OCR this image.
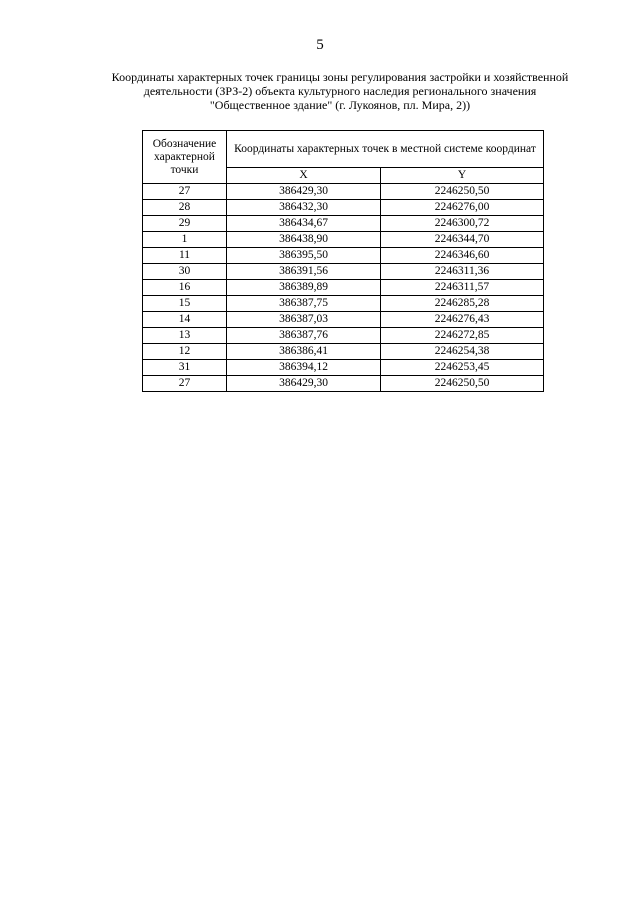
5
Координаты характерных точек границы зоны регулирования застройки и хозяйственной
деятельности (ЗРЗ-2) объекта культурного наследия регионального значения
"Общественное здание" (г. Лукоянов, пл. Мира, 2))
Обозначение характерной точки	Координаты характерных точек в местной системе координат	
	X	Y
27	386429,30	2246250,50
28	386432,30	2246276,00
29	386434,67	2246300,72
1	386438,90	2246344,70
11	386395,50	2246346,60
30	386391,56	2246311,36
16	386389,89	2246311,57
15	386387,75	2246285,28
14	386387,03	2246276,43
13	386387,76	2246272,85
12	386386,41	2246254,38
31	386394,12	2246253,45
27	386429,30	2246250,50
